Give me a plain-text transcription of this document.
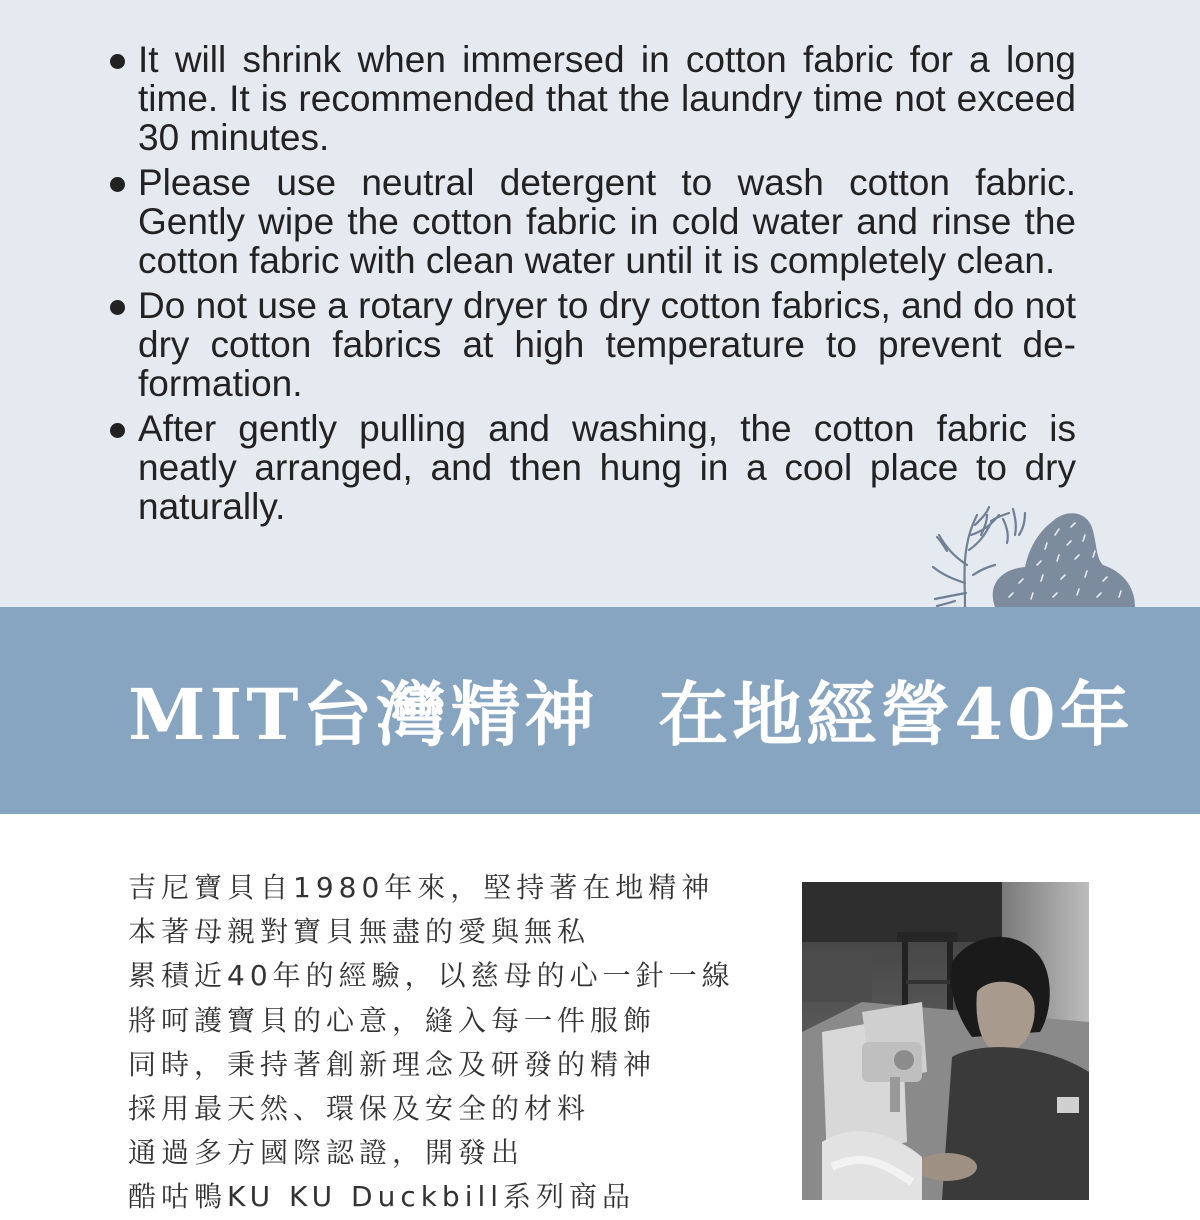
It will shrink when immersed in cotton fabric for a long time. It is recommended that the laundry time not exceed 30 minutes.
Please use neutral detergent to wash cotton fabric. Gently wipe the cotton fabric in cold water and rinse the cotton fabric with clean water until it is completely clean.
Do not use a rotary dryer to dry cotton fabrics, and do not dry cotton fabrics at high temperature to prevent de-formation.
After gently pulling and washing, the cotton fabric is neatly arranged, and then hung in a cool place to dry naturally.
MIT台灣精神 在地經營40年
吉尼寶貝自1980年來，堅持著在地精神
本著母親對寶貝無盡的愛與無私
累積近40年的經驗，以慈母的心一針一線
將呵護寶貝的心意，縫入每一件服飾
同時，秉持著創新理念及研發的精神
採用最天然、環保及安全的材料
通過多方國際認證，開發出
酷咕鴨KU KU Duckbill系列商品
